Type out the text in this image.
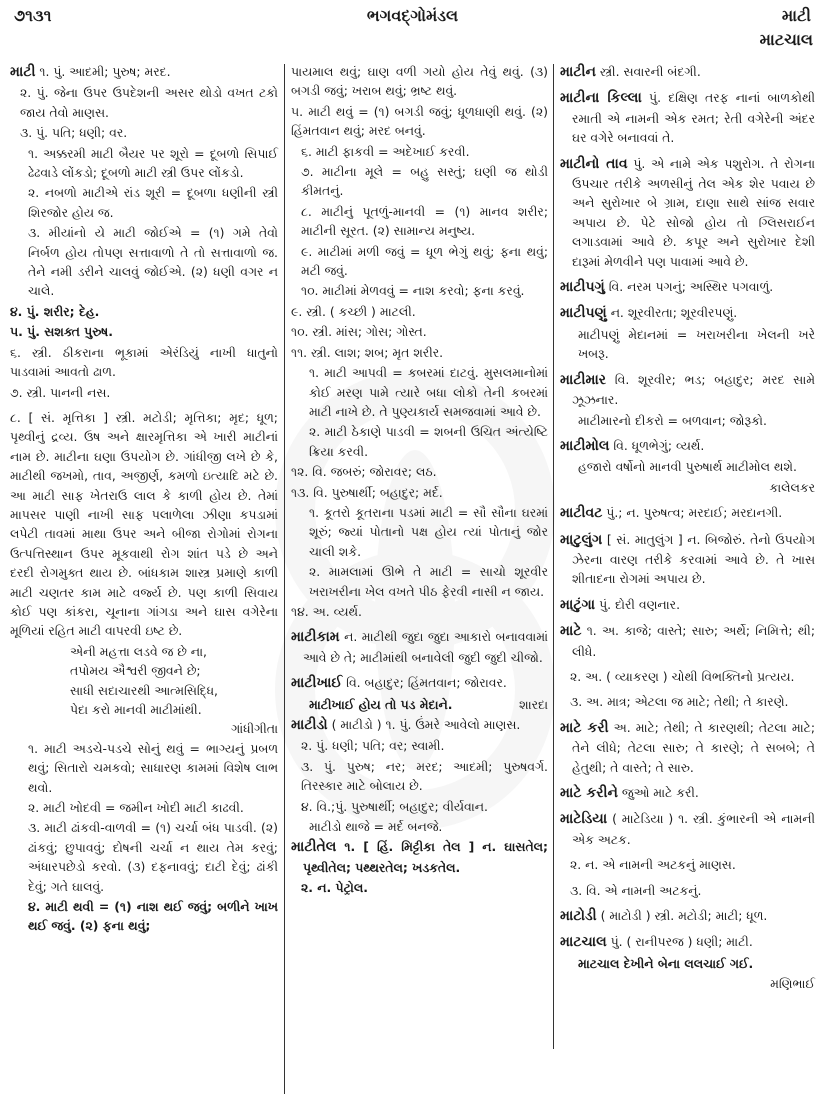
ભગવદ્ગોમંડલ
૭૧૩૧	માટી
માટચાલ

માટી ૧. પું. આદમી; પુરુષ; મરદ.

૨. પું. જેના ઉપર ઉપદેશની અસર થોડો વખત ટકો જાય તેવો માણસ.

૩. પું. પતિ; ધણી; વર.

૧. અક્કરમી માટી બૈયર પર શૂરો = દૂબળો સિપાઈ ઢેઢવાડે લોંકડો; દૂબળો માટી સ્ત્રી ઉપર લોંકડો.

૨. નબળો માટીએ રાંડ શૂરી = દૂબળા ધણીની સ્ત્રી શિરજોર હોય જ.

૩. મીયાંનો યે માટી જોઈએ = (૧) ગમે તેવો નિર્બળ હોય તોપણ સત્તાવાળો તે તો સત્તાવાળો જ. તેને નમી ડરીને ચાલવું જોઈએ. (૨) ધણી વગર ન ચાલે.

૪. પું. શરીર; દેહ.

૫. પું. સશક્ત પુરુષ.

૬. સ્ત્રી. ઠીકરાના ભૂકામાં એરંડિયું નાખી ધાતુનો પાડવામાં આવતો ઢાળ.

૭. સ્ત્રી. પાનની નસ.

૮. [ સં. મૃત્તિકા ] સ્ત્રી. મટોડી; મૃત્તિકા; મૃદ; ધૂળ; પૃથ્વીનું દ્રવ્ય. ઉષ અને ક્ષારમૃત્તિકા એ ખારી માટીનાં નામ છે. માટીના ઘણા ઉપયોગ છે. ગાંધીજી લખે છે કે, માટીથી જખમો, તાવ, અજીર્ણ, કમળો ઇત્યાદિ મટે છે. આ માટી સાફ ખેતરાઉ લાલ કે કાળી હોય છે. તેમાં માપસર પાણી નાખી સાફ પલાળેલા ઝીણા કપડામાં લપેટી તાવમાં માથા ઉપર અને બીજા રોગોમાં રોગના ઉત્પત્તિસ્થાન ઉપર મૂકવાથી રોગ શાંત પડે છે અને દરદી રોગમુક્ત થાય છે. બાંધકામ શાસ્ત્ર પ્રમાણે કાળી માટી ચણતર કામ માટે વર્જ્ય છે. પણ કાળી સિવાય કોઈ પણ કાંકરા, ચૂનાના ગાંગડા અને ઘાસ વગેરેના મૂળિયાં રહિત માટી વાપરવી ઇષ્ટ છે.

એની મહત્તા લડવે જ છે ના,
તપોમય ઐશ્વરી જીવને છે;
સાધી સદાચારથી આત્મસિદ્ધિ,
પેદા કરો માનવી માટીમાંથી.
ગાંધીગીતા

૧. માટી અડચે-પડચે સોનું થવું = ભાગ્યનું પ્રબળ થવું; સિતારો ચમકવો; સાધારણ કામમાં વિશેષ લાભ થવો.

૨. માટી ખોદવી = જમીન ખોદી માટી કાઢવી.

૩. માટી ઢાંકવી-વાળવી = (૧) ચર્ચા બંધ પાડવી. (૨) ઢાંકવું; છુપાવવું; દોષની ચર્ચા ન થાય તેમ કરવું; અંધારપછેડો કરવો. (૩) દફનાવવું; દાટી દેવું; ઢાંકી દેવું; ગતે ઘાલવું.

૪. માટી થવી = (૧) નાશ થઈ જવું; બળીને ખાખ થઈ જવું. (૨) ફના થવું;

પાયમાલ થવું; ઘાણ વળી ગયો હોય તેવું થવું. (૩) બગડી જવું; ખરાબ થવું; ભ્રષ્ટ થવું.

૫. માટી થવું = (૧) બગડી જવું; ધૂળધાણી થવું. (૨) હિંમતવાન થવું; મરદ બનવું.

૬. માટી ફાકવી = અદેખાઈ કરવી.

૭. માટીના મૂલે = બહુ સસ્તું; ઘણી જ થોડી કીમતનું.

૮. માટીનું પૂતળું-માનવી = (૧) માનવ શરીર; માટીની સૂરત. (૨) સામાન્ય મનુષ્ય.

૯. માટીમાં મળી જવું = ધૂળ ભેગું થવું; ફના થવું; મટી જવું.

૧૦. માટીમાં મેળવવું = નાશ કરવો; ફના કરવું.

૯. સ્ત્રી. ( કચ્છી ) માટલી.

૧૦. સ્ત્રી. માંસ; ગોસ; ગોસ્ત.

૧૧. સ્ત્રી. લાશ; શબ; મૃત શરીર.

૧. માટી આપવી = કબરમાં દાટવું. મુસલમાનોમાં કોઈ મરણ પામે ત્યારે બધા લોકો તેની કબરમાં માટી નાખે છે. તે પુણ્યકાર્ય સમજવામાં આવે છે.

૨. માટી ઠેકાણે પાડવી = શબની ઉચિત અંત્યેષ્ટિ ક્રિયા કરવી.

૧૨. વિ. જબરું; જોરાવર; લઠ.

૧૩. વિ. પુરુષાર્થી; બહાદુર; મર્દ.

૧. કૂતરો કૂતરાના પડમાં માટી = સૌ સૌના ઘરમાં શૂરું; જ્યાં પોતાનો પક્ષ હોય ત્યાં પોતાનું જોર ચાલી શકે.

૨. મામલામાં ઊભે તે માટી = સાચો શૂરવીર ખરાખરીના ખેલ વખતે પીઠ ફેરવી નાસી ન જાય.

૧૪. અ. વ્યર્થ.

માટીકામ ન. માટીથી જુદા જુદા આકારો બનાવવામાં આવે છે તે; માટીમાંથી બનાવેલી જુદી જુદી ચીજો.

માટીખાઈ વિ. બહાદુર; હિંમતવાન; જોરાવર.

માટીખાઈ હોય તો પડ મેદાને.	શારદા

માટીડો ( માટીડો ) ૧. પું. ઉંમરે આવેલો માણસ.

૨. પું. ધણી; પતિ; વર; સ્વામી.

૩. પું. પુરુષ; નર; મરદ; આદમી; પુરુષવર્ગ. તિરસ્કાર માટે બોલાય છે.

૪. વિ.;પું. પુરુષાર્થી; બહાદુર; વીર્યવાન.

માટીડો થાજે = મર્દ બનજે.

માટીતેલ ૧. [ હિં. મિટ્ટીકા તેલ ] ન. ઘાસતેલ; પૃથ્વીતેલ; પથ્થરતેલ; ખડકતેલ.

૨. ન. પેટ્રોલ.

માટીન સ્ત્રી. સવારની બંદગી.

માટીના કિલ્લા પું. દક્ષિણ તરફ નાનાં બાળકોથી રમાતી એ નામની એક રમત; રેતી વગેરેની અંદર ઘર વગેરે બનાવવાં તે.

માટીનો તાવ પું. એ નામે એક પશુરોગ. તે રોગના ઉપચાર તરીકે અળસીનું તેલ એક શેર પવાય છે અને સુરોખાર બે ગ્રામ, દાણા સાથે સાંજ સવાર અપાય છે. પેટે સોજો હોય તો ગ્લિસરાઈન લગાડવામાં આવે છે. કપૂર અને સુરોખાર દેશી દારૂમાં મેળવીને પણ પાવામાં આવે છે.

માટીપગું વિ. નરમ પગનું; અસ્થિર પગવાળું.

માટીપણું ન. શૂરવીરતા; શૂરવીરપણું.

માટીપણું મેદાનમાં = ખરાખરીના ખેલની ખરે ખબરૂ.

માટીમાર વિ. શૂરવીર; ભડ; બહાદુર; મરદ સામે ઝૂઝનાર.

માટીમારનો દીકરો = બળવાન; જોરૂકો.

માટીમોલ વિ. ધૂળભેગું; વ્યર્થ.

હજારો વર્ષોનો માનવી પુરુષાર્થ માટીમોલ થશે.

કાલેલકર

માટીવટ પું.; ન. પુરુષત્વ; મરદાઈ; મરદાનગી.

માટુલુંગ [ સં. માતુલુંગ ] ન. બિજોરું. તેનો ઉપયોગ ઝેરના વારણ તરીકે કરવામાં આવે છે. તે ખાસ શીતાદના રોગમાં અપાય છે.

માટુંગા પું. દોરી વણનાર.

માટે ૧. અ. કાજે; વાસ્તે; સારુ; અર્થે; નિમિત્તે; થી; લીધે.

૨. અ. ( વ્યાકરણ ) ચોથી વિભક્તિનો પ્રત્યય.

૩. અ. માત્ર; એટલા જ માટે; તેથી; તે કારણે.

માટે કરી અ. માટે; તેથી; તે કારણથી; તેટલા માટે; તેને લીધે; તેટલા સારુ; તે કારણે; તે સબબે; તે હેતુથી; તે વાસ્તે; તે સારુ.

માટે કરીને જુઓ માટે કરી.

માટેડિયા ( માટેડિયા ) ૧. સ્ત્રી. કુંભારની એ નામની એક અટક.

૨. ન. એ નામની અટકનું માણસ.

૩. વિ. એ નામની અટકનું.

માટોડી ( માટોડી ) સ્ત્રી. મટોડી; માટી; ધૂળ.

માટચાલ પું. ( રાનીપરજ ) ધણી; માટી.

માટચાલ દેખીને બેના લલચાઈ ગઈ.

મણિભાઈ
